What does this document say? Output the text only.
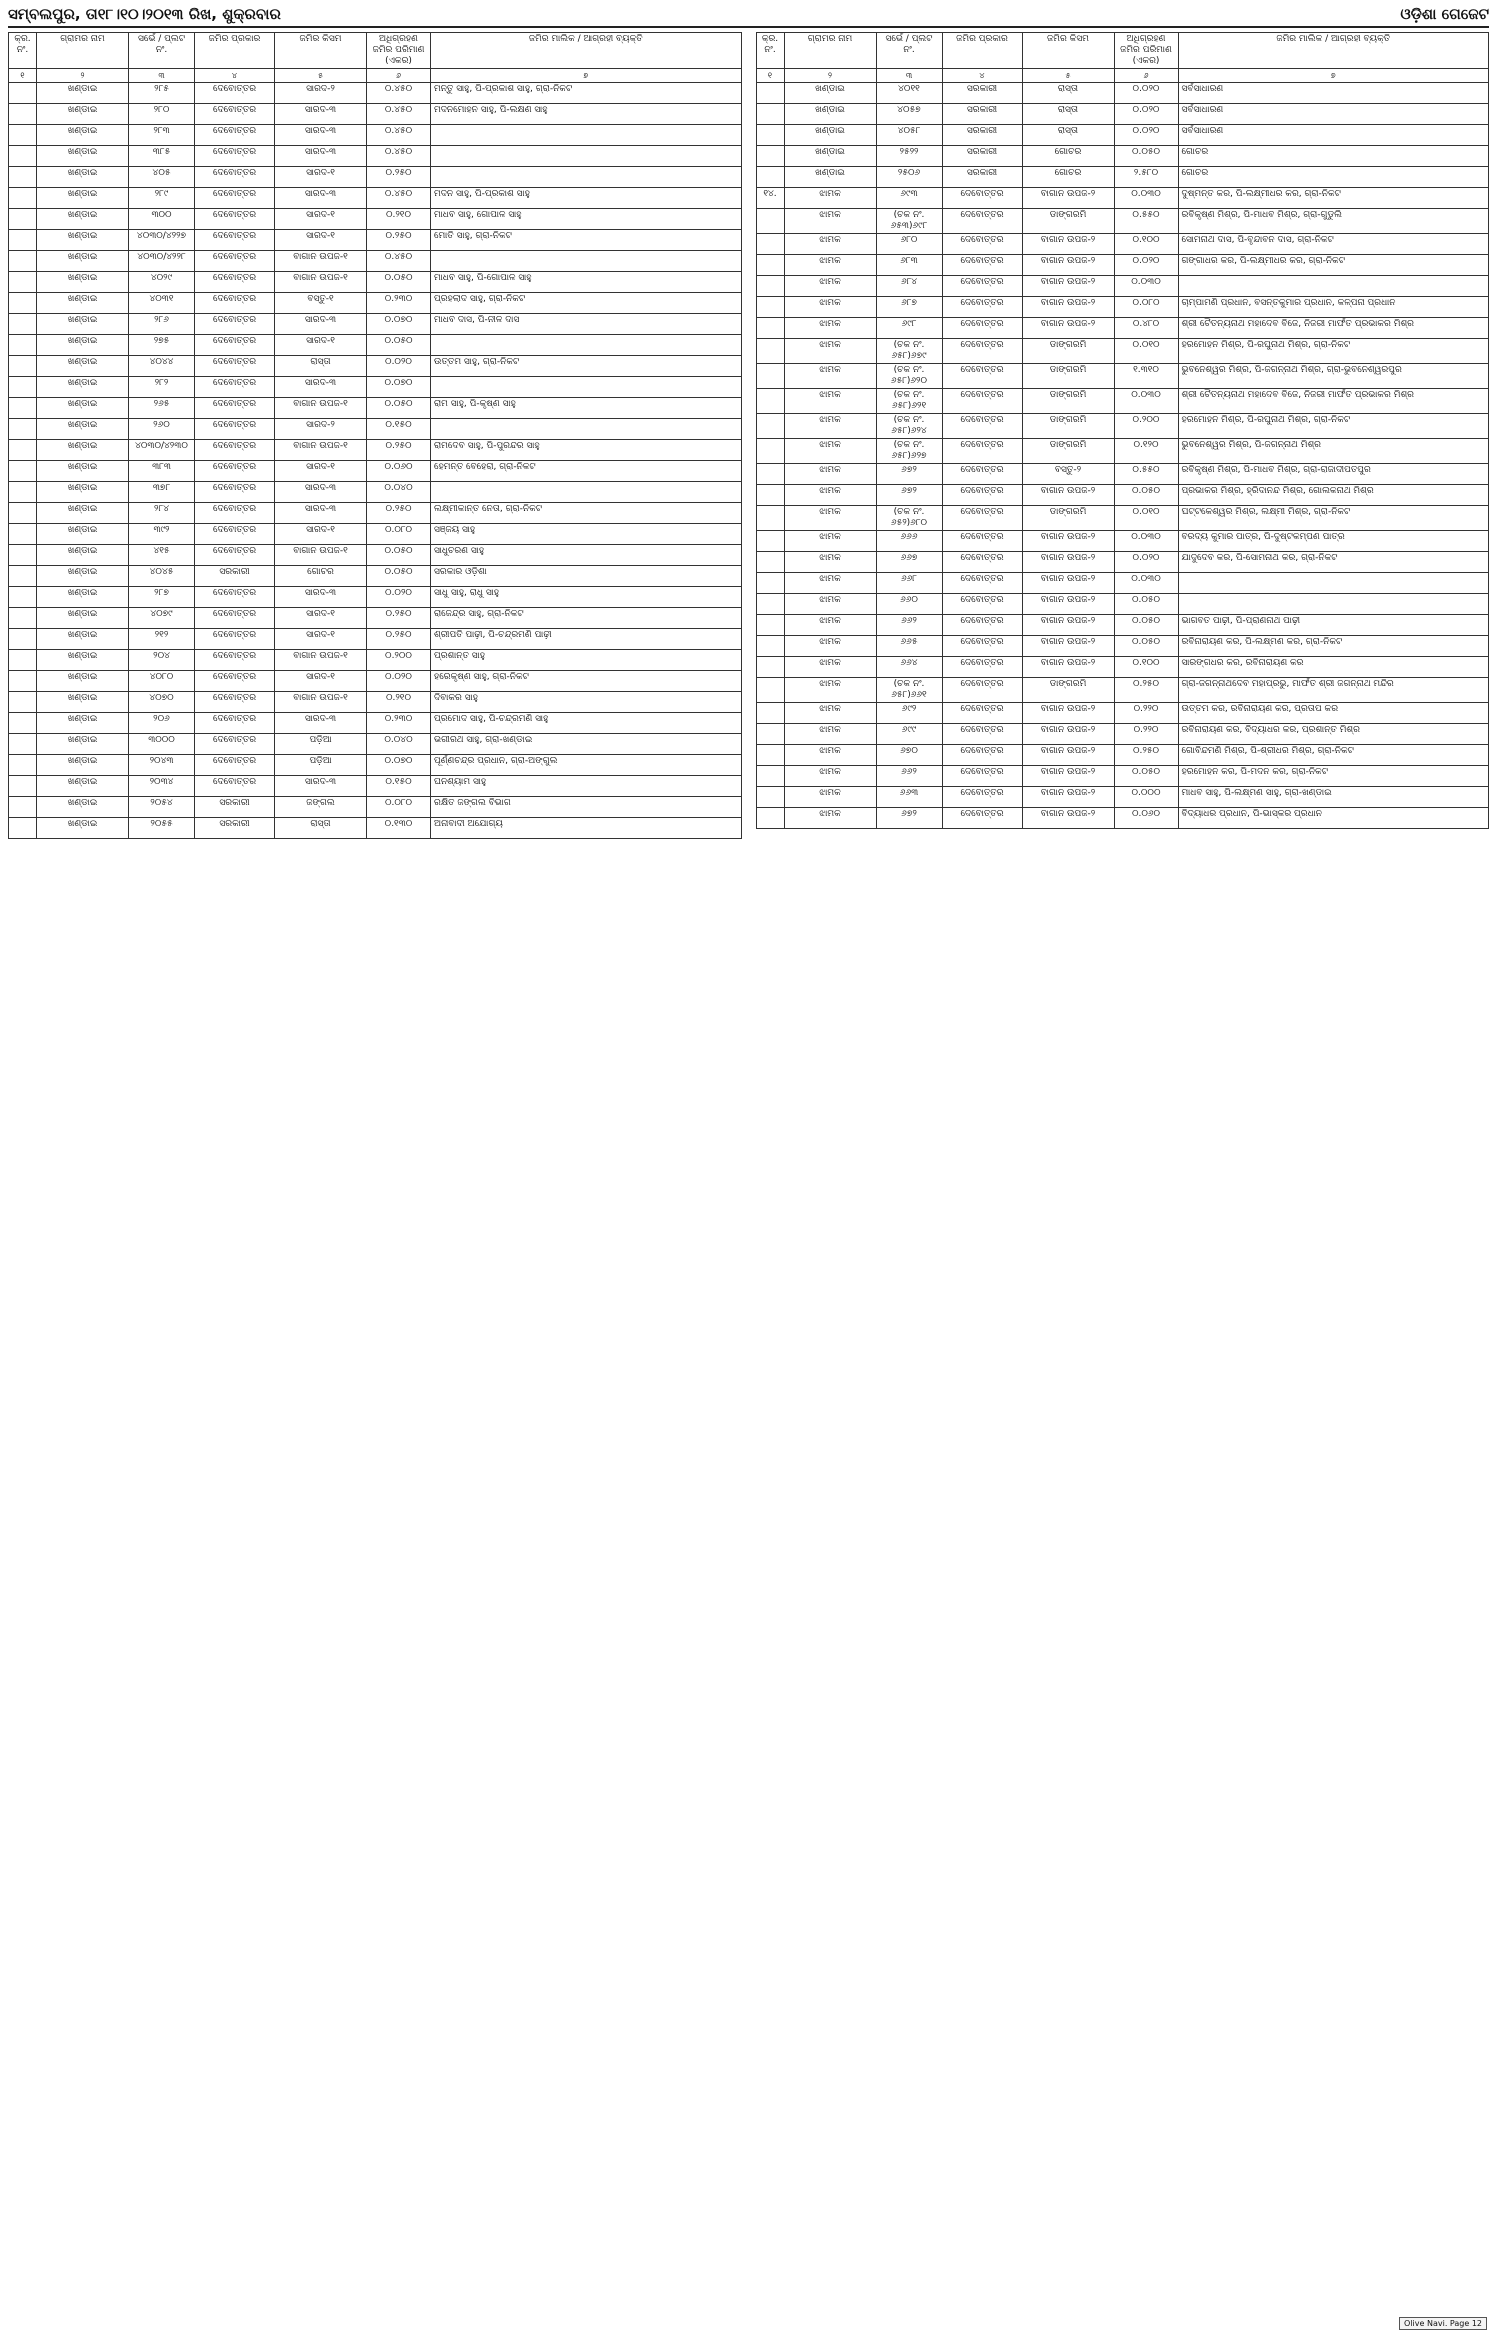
ସମ୍ବଲପୁର, ତା୧୮।୧୦।୨୦୧୩ ରିଖ, ଶୁକ୍ରବାର	ଓଡ଼ିଶା ଗେଜେଟ
କ୍ର. ନଂ.	ଗ୍ରାମର ନାମ	ସର୍ଭେ / ପ୍ଲଟ ନଂ.	ଜମିର ପ୍ରକାର	ଜମିର କିସମ	ଅଧିଗ୍ରହଣ ଜମିର ପରିମାଣ (ଏକର)	ଜମିର ମାଲିକ / ଆଗ୍ରହୀ ବ୍ୟକ୍ତି
୧	୨	୩	୪	୫	୬	୭
	ଖଣ୍ଡାଇ	୨୮୫	ଦେବୋତ୍ତର	ସାରଦ-୨	୦.୪୫୦	ମନ୍ତୁ ସାହୁ, ପି-ପ୍ରକାଶ ସାହୁ, ଗ୍ରା-ନିକଟ
	ଖଣ୍ଡାଇ	୨୮୦	ଦେବୋତ୍ତର	ସାରଦ-୩	୦.୪୫୦	ମଦନମୋହନ ସାହୁ, ପି-ଲକ୍ଷଣ ସାହୁ
	ଖଣ୍ଡାଇ	୨୮୩	ଦେବୋତ୍ତର	ସାରଦ-୩	୦.୪୫୦	
	ଖଣ୍ଡାଇ	୩୮୫	ଦେବୋତ୍ତର	ସାରଦ-୩	୦.୪୫୦	
	ଖଣ୍ଡାଇ	୪୦୫	ଦେବୋତ୍ତର	ସାରଦ-୧	୦.୨୫୦	
	ଖଣ୍ଡାଇ	୨୮୯	ଦେବୋତ୍ତର	ସାରଦ-୩	୦.୪୫୦	ମଦନ ସାହୁ, ପି-ପ୍ରକାଶ ସାହୁ
	ଖଣ୍ଡାଇ	୩୦୦	ଦେବୋତ୍ତର	ସାରଦ-୧	୦.୨୧୦	ମାଧବ ସାହୁ, ଗୋପାଳ ସାହୁ
	ଖଣ୍ଡାଇ	୪୦୩୦/୪୨୨୭	ଦେବୋତ୍ତର	ସାରଦ-୧	୦.୨୫୦	ମୋତି ସାହୁ, ଗ୍ରା-ନିକଟ
	ଖଣ୍ଡାଇ	୪୦୩୦/୪୨୨୮	ଦେବୋତ୍ତର	ବାଗାନ ଉପଜ-୧	୦.୪୫୦	
	ଖଣ୍ଡାଇ	୪୦୨୯	ଦେବୋତ୍ତର	ବାଗାନ ଉପଜ-୧	୦.୦୫୦	ମାଧବ ସାହୁ, ପି-ଗୋପାଳ ସାହୁ
	ଖଣ୍ଡାଇ	୪୦୩୧	ଦେବୋତ୍ତର	ବସ୍ତୁ-୧	୦.୨୩୦	ପ୍ରହଲାଦ ସାହୁ, ଗ୍ରା-ନିକଟ
	ଖଣ୍ଡାଇ	୨୮୬	ଦେବୋତ୍ତର	ସାରଦ-୩	୦.୦୭୦	ମାଧବ ଦାସ, ପି-ନୀଳ ଦାସ
	ଖଣ୍ଡାଇ	୨୭୫	ଦେବୋତ୍ତର	ସାରଦ-୧	୦.୦୫୦	
	ଖଣ୍ଡାଇ	୪୦୪୪	ଦେବୋତ୍ତର	ରାସ୍ତା	୦.୦୨୦	ଉତ୍ତମ ସାହୁ, ଗ୍ରା-ନିକଟ
	ଖଣ୍ଡାଇ	୨୮୨	ଦେବୋତ୍ତର	ସାରଦ-୩	୦.୦୭୦	
	ଖଣ୍ଡାଇ	୨୬୫	ଦେବୋତ୍ତର	ବାଗାନ ଉପଜ-୧	୦.୦୫୦	ରାମ ସାହୁ, ପି-କୃଷ୍ଣ ସାହୁ
	ଖଣ୍ଡାଇ	୨୬୦	ଦେବୋତ୍ତର	ସାରଦ-୨	୦.୧୫୦	
	ଖଣ୍ଡାଇ	୪୦୩୦/୪୨୩୦	ଦେବୋତ୍ତର	ବାଗାନ ଉପଜ-୧	୦.୨୫୦	ରାମଦେବ ସାହୁ, ପି-ପୁରନ୍ଦର ସାହୁ
	ଖଣ୍ଡାଇ	୩୮୩	ଦେବୋତ୍ତର	ସାରଦ-୧	୦.୦୬୦	ହେମନ୍ତ ବେହେରା, ଗ୍ରା-ନିକଟ
	ଖଣ୍ଡାଇ	୩୭୮	ଦେବୋତ୍ତର	ସାରଦ-୩	୦.୦୪୦	
	ଖଣ୍ଡାଇ	୨୮୪	ଦେବୋତ୍ତର	ସାରଦ-୩	୦.୨୫୦	ଲକ୍ଷ୍ମୀକାନ୍ତ ନେତା, ଗ୍ରା-ନିକଟ
	ଖଣ୍ଡାଇ	୩୯୨	ଦେବୋତ୍ତର	ସାରଦ-୧	୦.୦୮୦	ସଞ୍ଜୟ ସାହୁ
	ଖଣ୍ଡାଇ	୪୧୫	ଦେବୋତ୍ତର	ବାଗାନ ଉପଜ-୧	୦.୦୫୦	ସାଧୁଚରଣ ସାହୁ
	ଖଣ୍ଡାଇ	୪୦୪୫	ସରକାରୀ	ଗୋଚର	୦.୦୫୦	ସରକାର ଓଡ଼ିଶା
	ଖଣ୍ଡାଇ	୨୮୭	ଦେବୋତ୍ତର	ସାରଦ-୩	୦.୦୨୦	ସାଧୁ ସାହୁ, ରାଧୁ ସାହୁ
	ଖଣ୍ଡାଇ	୪୦୭୯	ଦେବୋତ୍ତର	ସାରଦ-୧	୦.୨୫୦	ରାଜେନ୍ଦ୍ର ସାହୁ, ଗ୍ରା-ନିକଟ
	ଖଣ୍ଡାଇ	୨୧୨	ଦେବୋତ୍ତର	ସାରଦ-୧	୦.୨୫୦	ଶ୍ରୀପତି ପାଢ଼ୀ, ପି-ଚନ୍ଦ୍ରମଣି ପାଢ଼ୀ
	ଖଣ୍ଡାଇ	୨୦୪	ଦେବୋତ୍ତର	ବାଗାନ ଉପଜ-୧	୦.୨୦୦	ପ୍ରଶାନ୍ତ ସାହୁ
	ଖଣ୍ଡାଇ	୪୦୮୦	ଦେବୋତ୍ତର	ସାରଦ-୧	୦.୦୨୦	ହରେକୃଷ୍ଣ ସାହୁ, ଗ୍ରା-ନିକଟ
	ଖଣ୍ଡାଇ	୪୦୭୦	ଦେବୋତ୍ତର	ବାଗାନ ଉପଜ-୧	୦.୨୧୦	ଦିବାକର ସାହୁ
	ଖଣ୍ଡାଇ	୨୦୬	ଦେବୋତ୍ତର	ସାରଦ-୩	୦.୨୩୦	ପ୍ରମୋଦ ସାହୁ, ପି-ଚନ୍ଦ୍ରମଣି ସାହୁ
	ଖଣ୍ଡାଇ	୩୦୦୦	ଦେବୋତ୍ତର	ପଡ଼ିଆ	୦.୦୪୦	ଭଗୀରଥ ସାହୁ, ଗ୍ରା-ଖଣ୍ଡାଇ
	ଖଣ୍ଡାଇ	୨୦୪୩	ଦେବୋତ୍ତର	ପଡ଼ିଆ	୦.୦୭୦	ପୂର୍ଣ୍ଣଚନ୍ଦ୍ର ପ୍ରଧାନ, ଗ୍ରା-ଅଙ୍ଗୁଲ
	ଖଣ୍ଡାଇ	୨୦୩୪	ଦେବୋତ୍ତର	ସାରଦ-୩	୦.୧୫୦	ଘନଶ୍ୟାମ ସାହୁ
	ଖଣ୍ଡାଇ	୨୦୫୪	ସରକାରୀ	ଜଙ୍ଗଲ	୦.୦୮୦	ରକ୍ଷିତ ଜଙ୍ଗଲ ବିଭାଗ
	ଖଣ୍ଡାଇ	୨୦୫୫	ସରକାରୀ	ରାସ୍ତା	୦.୧୩୦	ଅନାବାଦୀ ଅଯୋଗ୍ୟ
କ୍ର. ନଂ.	ଗ୍ରାମର ନାମ	ସର୍ଭେ / ପ୍ଲଟ ନଂ.	ଜମିର ପ୍ରକାର	ଜମିର କିସମ	ଅଧିଗ୍ରହଣ ଜମିର ପରିମାଣ (ଏକର)	ଜମିର ମାଲିକ / ଆଗ୍ରହୀ ବ୍ୟକ୍ତି
୧	୨	୩	୪	୫	୬	୭
	ଖଣ୍ଡାଇ	୪୦୧୧	ସରକାରୀ	ରାସ୍ତା	୦.୦୨୦	ସର୍ବସାଧାରଣ
	ଖଣ୍ଡାଇ	୪୦୫୭	ସରକାରୀ	ରାସ୍ତା	୦.୦୨୦	ସର୍ବସାଧାରଣ
	ଖଣ୍ଡାଇ	୪୦୫୮	ସରକାରୀ	ରାସ୍ତା	୦.୦୨୦	ସର୍ବସାଧାରଣ
	ଖଣ୍ଡାଇ	୨୫୨୨	ସରକାରୀ	ଗୋଚର	୦.୦୫୦	ଗୋଚର
	ଖଣ୍ଡାଇ	୨୫୦୬	ସରକାରୀ	ଗୋଚର	୨.୫୮୦	ଗୋଚର
୧୪.	ଝାମକ	୬୯୩	ଦେବୋତ୍ତର	ବାଗାନ ଉପଜ-୨	୦.୦୩୦	ଦୁଷ୍ମନ୍ତ କର, ପି-ଲକ୍ଷ୍ମୀଧର କର, ଗ୍ରା-ନିକଟ
	ଝାମକ	(ଚକ ନଂ. ୬୫୩)୬୯୮	ଦେବୋତ୍ତର	ଡାଙ୍ଗରମି	୦.୫୫୦	ରବିକୃଷ୍ଣ ମିଶ୍ର, ପି-ମାଧବ ମିଶ୍ର, ଗ୍ରା-ଗୁଡୁଲି
	ଝାମକ	୬୮୦	ଦେବୋତ୍ତର	ବାଗାନ ଉପଜ-୨	୦.୧୦୦	ସୋମନାଥ ଦାସ, ପି-ବୃନ୍ଦାବନ ଦାସ, ଗ୍ରା-ନିକଟ
	ଝାମକ	୬୮୩	ଦେବୋତ୍ତର	ବାଗାନ ଉପଜ-୨	୦.୦୨୦	ଗଙ୍ଗାଧର କର, ପି-ଲକ୍ଷ୍ମୀଧର କର, ଗ୍ରା-ନିକଟ
	ଝାମକ	୬୮୪	ଦେବୋତ୍ତର	ବାଗାନ ଉପଜ-୨	୦.୦୩୦	
	ଝାମକ	୬୮୭	ଦେବୋତ୍ତର	ବାଗାନ ଉପଜ-୨	୦.୦୮୦	ଚାମ୍ପାମଣି ପ୍ରଧାନ, ବସନ୍ତକୁମାର ପ୍ରଧାନ, କଳ୍ପନା ପ୍ରଧାନ
	ଝାମକ	୬୯୮	ଦେବୋତ୍ତର	ବାଗାନ ଉପଜ-୨	୦.୪୮୦	ଶ୍ରୀ ଚୈତନ୍ୟନାଥ ମହାଦେବ ବିଜେ, ନିଜରୀ ମାର୍ଫତ ପ୍ରଭାକର ମିଶ୍ର
	ଝାମକ	(ଚକ ନଂ. ୬୫୮)୬୭୯	ଦେବୋତ୍ତର	ଡାଙ୍ଗରମି	୦.୦୧୦	ହରମୋହନ ମିଶ୍ର, ପି-ରଘୁନାଥ ମିଶ୍ର, ଗ୍ରା-ନିକଟ
	ଝାମକ	(ଚକ ନଂ. ୬୫୮)୬୨୦	ଦେବୋତ୍ତର	ଡାଙ୍ଗରମି	୧.୩୧୦	ଭୁବନେଶ୍ୱର ମିଶ୍ର, ପି-ଜଗନ୍ନାଥ ମିଶ୍ର, ଗ୍ରା-ଭୁବନେଶ୍ୱରପୁର
	ଝାମକ	(ଚକ ନଂ. ୬୫୮)୬୨୧	ଦେବୋତ୍ତର	ଡାଙ୍ଗରମି	୦.୦୩୦	ଶ୍ରୀ ଚୈତନ୍ୟନାଥ ମହାଦେବ ବିଜେ, ନିଜରୀ ମାର୍ଫତ ପ୍ରଭାକର ମିଶ୍ର
	ଝାମକ	(ଚକ ନଂ. ୬୫୮)୬୨୪	ଦେବୋତ୍ତର	ଡାଙ୍ଗରମି	୦.୨୦୦	ହରମୋହନ ମିଶ୍ର, ପି-ରଘୁନାଥ ମିଶ୍ର, ଗ୍ରା-ନିକଟ
	ଝାମକ	(ଚକ ନଂ. ୬୫୮)୬୨୭	ଦେବୋତ୍ତର	ଡାଙ୍ଗରମି	୦.୧୨୦	ଭୁବନେଶ୍ୱର ମିଶ୍ର, ପି-ଜଗନ୍ନାଥ ମିଶ୍ର
	ଝାମକ	୬୭୨	ଦେବୋତ୍ତର	ବସ୍ତୁ-୨	୦.୫୫୦	ରବିକୃଷ୍ଣ ମିଶ୍ର, ପି-ମାଧବ ମିଶ୍ର, ଗ୍ରା-ରାଜାଦୀପତପୁର
	ଝାମକ	୬୭୨	ଦେବୋତ୍ତର	ବାଗାନ ଉପଜ-୨	୦.୦୫୦	ପ୍ରଭାକର ମିଶ୍ର, ହ୍ରିଦାନନ୍ଦ ମିଶ୍ର, ଗୋଲକନାଥ ମିଶ୍ର
	ଝାମକ	(ଚକ ନଂ. ୬୫୨)୬୮୦	ଦେବୋତ୍ତର	ଡାଙ୍ଗରମି	୦.୦୧୦	ଘଟ୍ଟକେଶ୍ୱର ମିଶ୍ର, ଲକ୍ଷ୍ମୀ ମିଶ୍ର, ଗ୍ରା-ନିକଟ
	ଝାମକ	୬୬୬	ଦେବୋତ୍ତର	ବାଗାନ ଉପଜ-୨	୦.୦୩୦	ବରଦ୍ୟ କୁମାର ପାତ୍ର, ପି-ଦୁଷ୍ଟକମ୍ପଣ ପାତ୍ର
	ଝାମକ	୬୬୭	ଦେବୋତ୍ତର	ବାଗାନ ଉପଜ-୨	୦.୦୨୦	ଯାଦୁଦେବ କର, ପି-ସୋମନାଥ କର, ଗ୍ରା-ନିକଟ
	ଝାମକ	୬୬୮	ଦେବୋତ୍ତର	ବାଗାନ ଉପଜ-୨	୦.୦୩୦	
	ଝାମକ	୬୬୦	ଦେବୋତ୍ତର	ବାଗାନ ଉପଜ-୨	୦.୦୫୦	
	ଝାମକ	୬୬୨	ଦେବୋତ୍ତର	ବାଗାନ ଉପଜ-୨	୦.୦୫୦	ଭାଗବତ ପାଢ଼ୀ, ପି-ପ୍ରାଣନାଥ ପାଢ଼ୀ
	ଝାମକ	୬୬୫	ଦେବୋତ୍ତର	ବାଗାନ ଉପଜ-୨	୦.୦୫୦	ରବିନାରାୟଣ କର, ପି-ଲକ୍ଷ୍ମଣ କର, ଗ୍ରା-ନିକଟ
	ଝାମକ	୬୬୪	ଦେବୋତ୍ତର	ବାଗାନ ଉପଜ-୨	୦.୧୦୦	ସାରଙ୍ଗଧର କର, ରବିନାରାୟଣ କର
	ଝାମକ	(ଚକ ନଂ. ୬୫୮)୬୬୧	ଦେବୋତ୍ତର	ଡାଙ୍ଗରମି	୦.୨୫୦	ଗ୍ରା-ଜଗନ୍ନାଥଦେବ ମହାପ୍ରଭୁ, ମାର୍ଫତ ଶ୍ରୀ ଜଗନ୍ନାଥ ମନ୍ଦିର
	ଝାମକ	୬୯୨	ଦେବୋତ୍ତର	ବାଗାନ ଉପଜ-୨	୦.୨୨୦	ଉତ୍ତମ କର, ରବିନାରାୟଣ କର, ପ୍ରତାପ କର
	ଝାମକ	୬୯୯	ଦେବୋତ୍ତର	ବାଗାନ ଉପଜ-୨	୦.୨୨୦	ରବିନାରାୟଣ କର, ବିଦ୍ୟାଧର କର, ପ୍ରଶାନ୍ତ ମିଶ୍ର
	ଝାମକ	୬୭୦	ଦେବୋତ୍ତର	ବାଗାନ ଉପଜ-୨	୦.୨୫୦	ଗୋବିନ୍ଦମଣି ମିଶ୍ର, ପି-ଶ୍ରୀଧର ମିଶ୍ର, ଗ୍ରା-ନିକଟ
	ଝାମକ	୬୬୨	ଦେବୋତ୍ତର	ବାଗାନ ଉପଜ-୨	୦.୦୫୦	ହରମୋହନ କର, ପି-ମଦନ କର, ଗ୍ରା-ନିକଟ
	ଝାମକ	୬୬୩	ଦେବୋତ୍ତର	ବାଗାନ ଉପଜ-୨	୦.୦୦୦	ମାଧବ ସାହୁ, ପି-ଲକ୍ଷ୍ମଣ ସାହୁ, ଗ୍ରା-ଖଣ୍ଡାଇ
	ଝାମକ	୬୭୨	ଦେବୋତ୍ତର	ବାଗାନ ଉପଜ-୨	୦.୦୬୦	ବିଦ୍ୟାଧର ପ୍ରଧାନ, ପି-ଭାସ୍କର ପ୍ରଧାନ
Olive Navi. Page 12
